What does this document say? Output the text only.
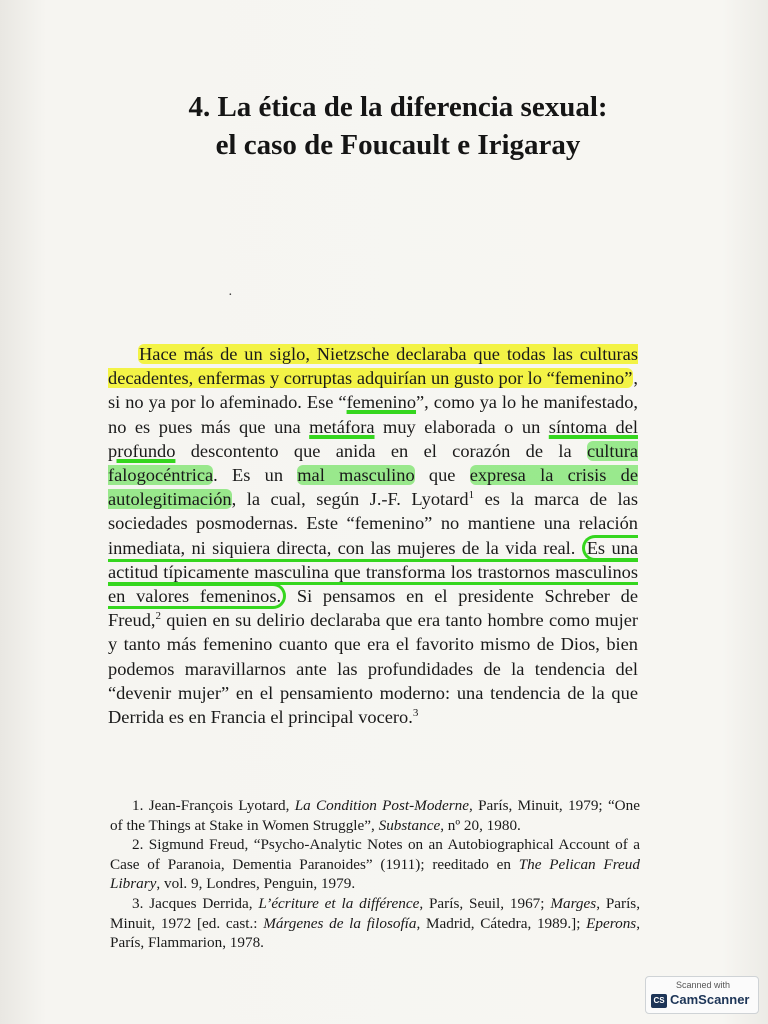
4. La ética de la diferencia sexual:
el caso de Foucault e Irigaray
·

Hace más de un siglo, Nietzsche declaraba que todas las culturas decadentes, enfermas y corruptas adquirían un gusto por lo “femenino”, si no ya por lo afeminado. Ese “femenino”, como ya lo he manifestado, no es pues más que una metáfora muy elaborada o un síntoma del profundo descontento que anida en el corazón de la cultura falogocéntrica. Es un mal masculino que expresa la crisis de autolegitimación, la cual, según J.-F. Lyotard$^1$ es la marca de las sociedades posmodernas. Este “femenino” no mantiene una relación inmediata, ni siquiera directa, con las mujeres de la vida real. Es una actitud típicamente masculina que transforma los trastornos masculinos en valores femeninos. Si pensamos en el presidente Schreber de Freud,$^2$ quien en su delirio declaraba que era tanto hombre como mujer y tanto más femenino cuanto que era el favorito mismo de Dios, bien podemos maravillarnos ante las profundidades de la tendencia del “devenir mujer” en el pensamiento moderno: una tendencia de la que Derrida es en Francia el principal vocero.$^3$

1. Jean-François Lyotard, La Condition Post-Moderne, París, Minuit, 1979; “One of the Things at Stake in Women Struggle”, Substance, nº 20, 1980.

2. Sigmund Freud, “Psycho-Analytic Notes on an Autobiographical Account of a Case of Paranoia, Dementia Paranoides” (1911); reeditado en The Pelican Freud Library, vol. 9, Londres, Penguin, 1979.

3. Jacques Derrida, L’écriture et la différence, París, Seuil, 1967; Marges, París, Minuit, 1972 [ed. cast.: Márgenes de la filosofía, Madrid, Cátedra, 1989.]; Eperons, París, Flammarion, 1978.

Scanned with
CS CamScanner
